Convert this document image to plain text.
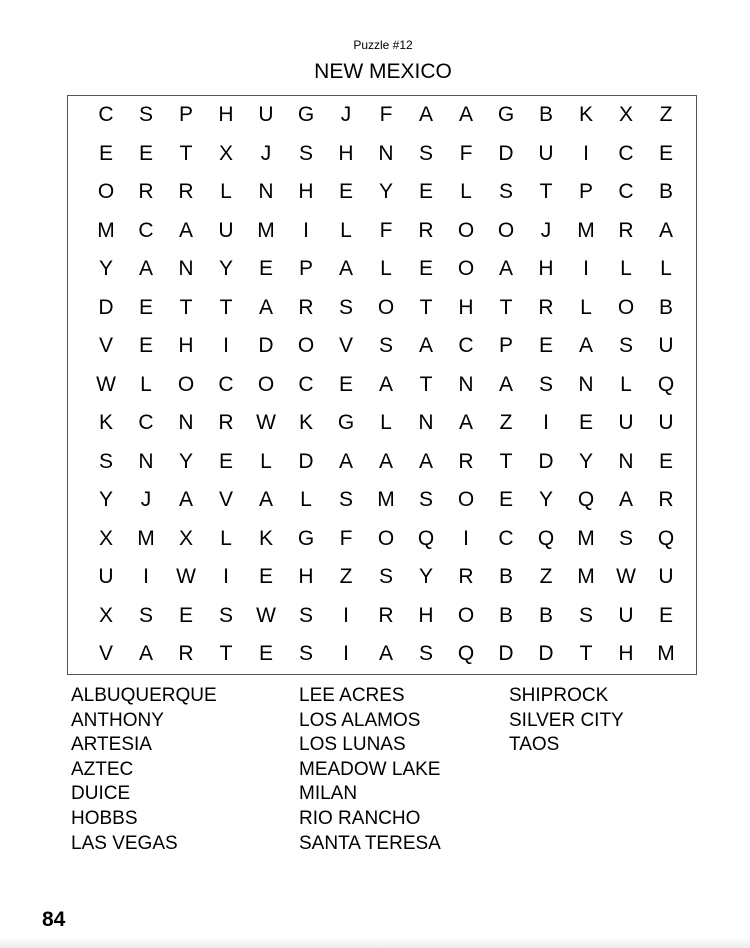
Puzzle #12
NEW MEXICO
C	S	P	H	U	G	J	F	A	A	G	B	K	X	Z
E	E	T	X	J	S	H	N	S	F	D	U	I	C	E
O	R	R	L	N	H	E	Y	E	L	S	T	P	C	B
M	C	A	U	M	I	L	F	R	O	O	J	M	R	A
Y	A	N	Y	E	P	A	L	E	O	A	H	I	L	L
D	E	T	T	A	R	S	O	T	H	T	R	L	O	B
V	E	H	I	D	O	V	S	A	C	P	E	A	S	U
W	L	O	C	O	C	E	A	T	N	A	S	N	L	Q
K	C	N	R	W	K	G	L	N	A	Z	I	E	U	U
S	N	Y	E	L	D	A	A	A	R	T	D	Y	N	E
Y	J	A	V	A	L	S	M	S	O	E	Y	Q	A	R
X	M	X	L	K	G	F	O	Q	I	C	Q	M	S	Q
U	I	W	I	E	H	Z	S	Y	R	B	Z	M	W	U
X	S	E	S	W	S	I	R	H	O	B	B	S	U	E
V	A	R	T	E	S	I	A	S	Q	D	D	T	H	M
ALBUQUERQUE
ANTHONY
ARTESIA
AZTEC
DUICE
HOBBS
LAS VEGAS
LEE ACRES
LOS ALAMOS
LOS LUNAS
MEADOW LAKE
MILAN
RIO RANCHO
SANTA TERESA
SHIPROCK
SILVER CITY
TAOS
84
